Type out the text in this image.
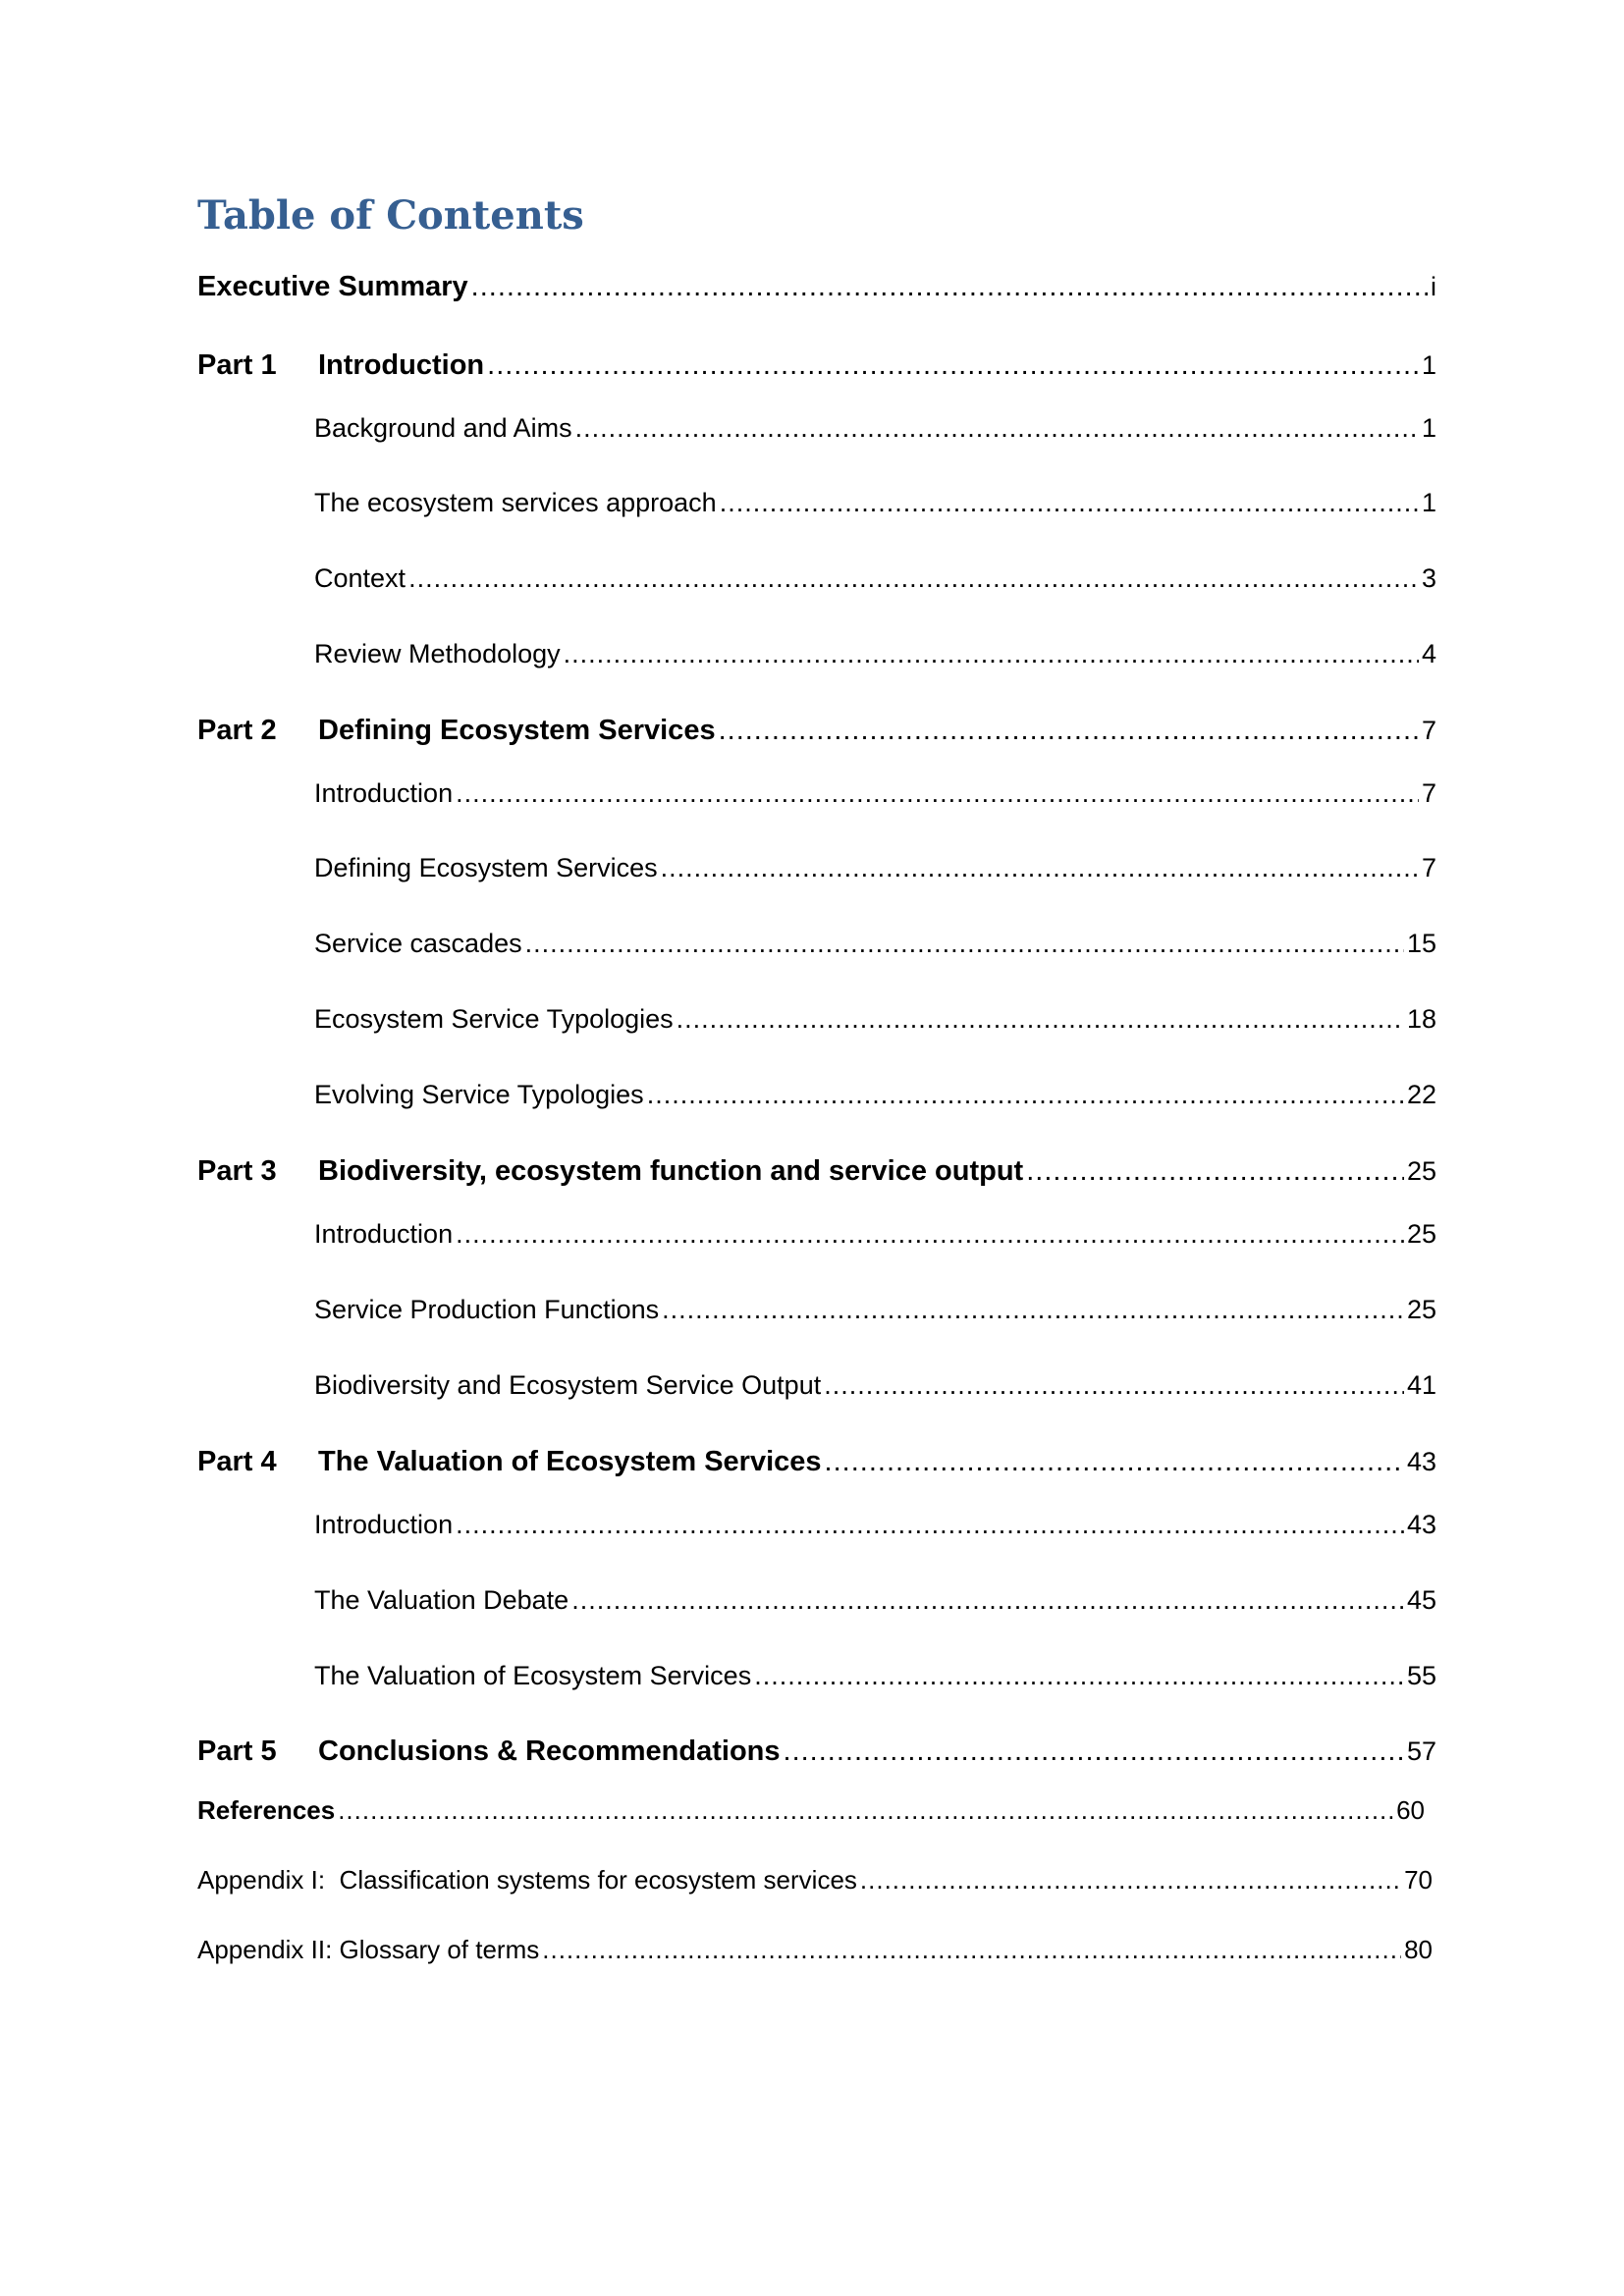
Table of Contents
Executive Summary .....	i
Part 1	Introduction .....	1
Background and Aims .....	1
The ecosystem services approach .....	1
Context .....	3
Review Methodology .....	4
Part 2	Defining Ecosystem Services .....	7
Introduction .....	7
Defining Ecosystem Services .....	7
Service cascades .....	15
Ecosystem Service Typologies .....	18
Evolving Service Typologies .....	22
Part 3	Biodiversity, ecosystem function and service output .....	25
Introduction .....	25
Service Production Functions .....	25
Biodiversity and Ecosystem Service Output .....	41
Part 4	The Valuation of Ecosystem Services .....	43
Introduction .....	43
The Valuation Debate .....	45
The Valuation of Ecosystem Services .....	55
Part 5	Conclusions & Recommendations .....	57
References .....	60
Appendix I:  Classification systems for ecosystem services .....	70
Appendix II: Glossary of terms .....	80
